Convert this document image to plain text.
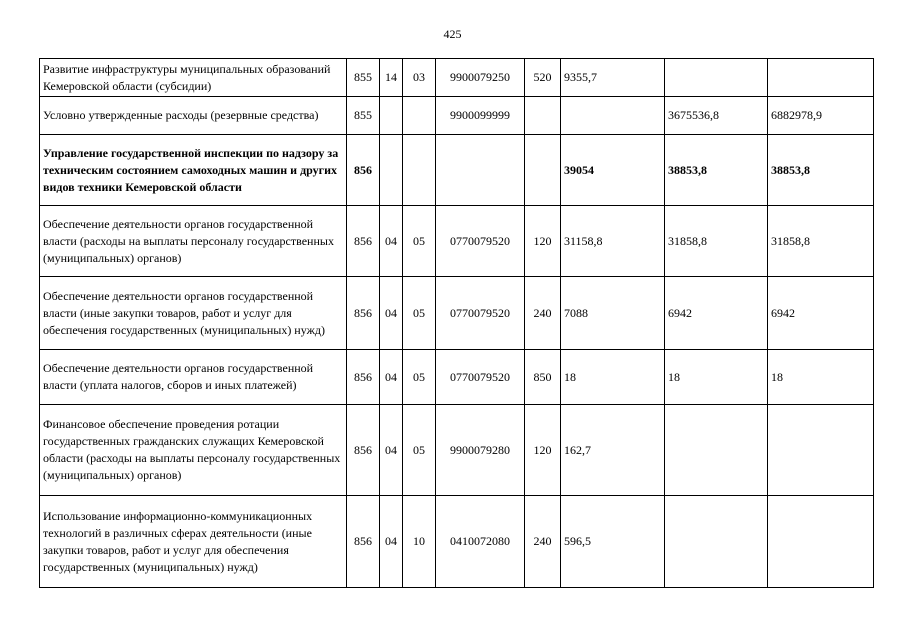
425
Развитие инфраструктуры муниципальных образований Кемеровской области (субсидии)	855	14	03	9900079250	520	9355,7		
Условно утвержденные расходы (резервные средства)	855			9900099999			3675536,8	6882978,9
Управление государственной инспекции по надзору за техническим состоянием самоходных машин и других видов техники Кемеровской области	856					39054	38853,8	38853,8
Обеспечение деятельности органов государственной власти (расходы на выплаты персоналу государственных (муниципальных) органов)	856	04	05	0770079520	120	31158,8	31858,8	31858,8
Обеспечение деятельности органов государственной власти (иные закупки товаров, работ и услуг для обеспечения государственных (муниципальных) нужд)	856	04	05	0770079520	240	7088	6942	6942
Обеспечение деятельности органов государственной власти (уплата налогов, сборов и иных платежей)	856	04	05	0770079520	850	18	18	18
Финансовое обеспечение проведения ротации государственных гражданских служащих Кемеровской области (расходы на выплаты персоналу государственных (муниципальных) органов)	856	04	05	9900079280	120	162,7		
Использование информационно-коммуникационных технологий в различных сферах деятельности (иные закупки товаров, работ и услуг для обеспечения государственных (муниципальных) нужд)	856	04	10	0410072080	240	596,5		
